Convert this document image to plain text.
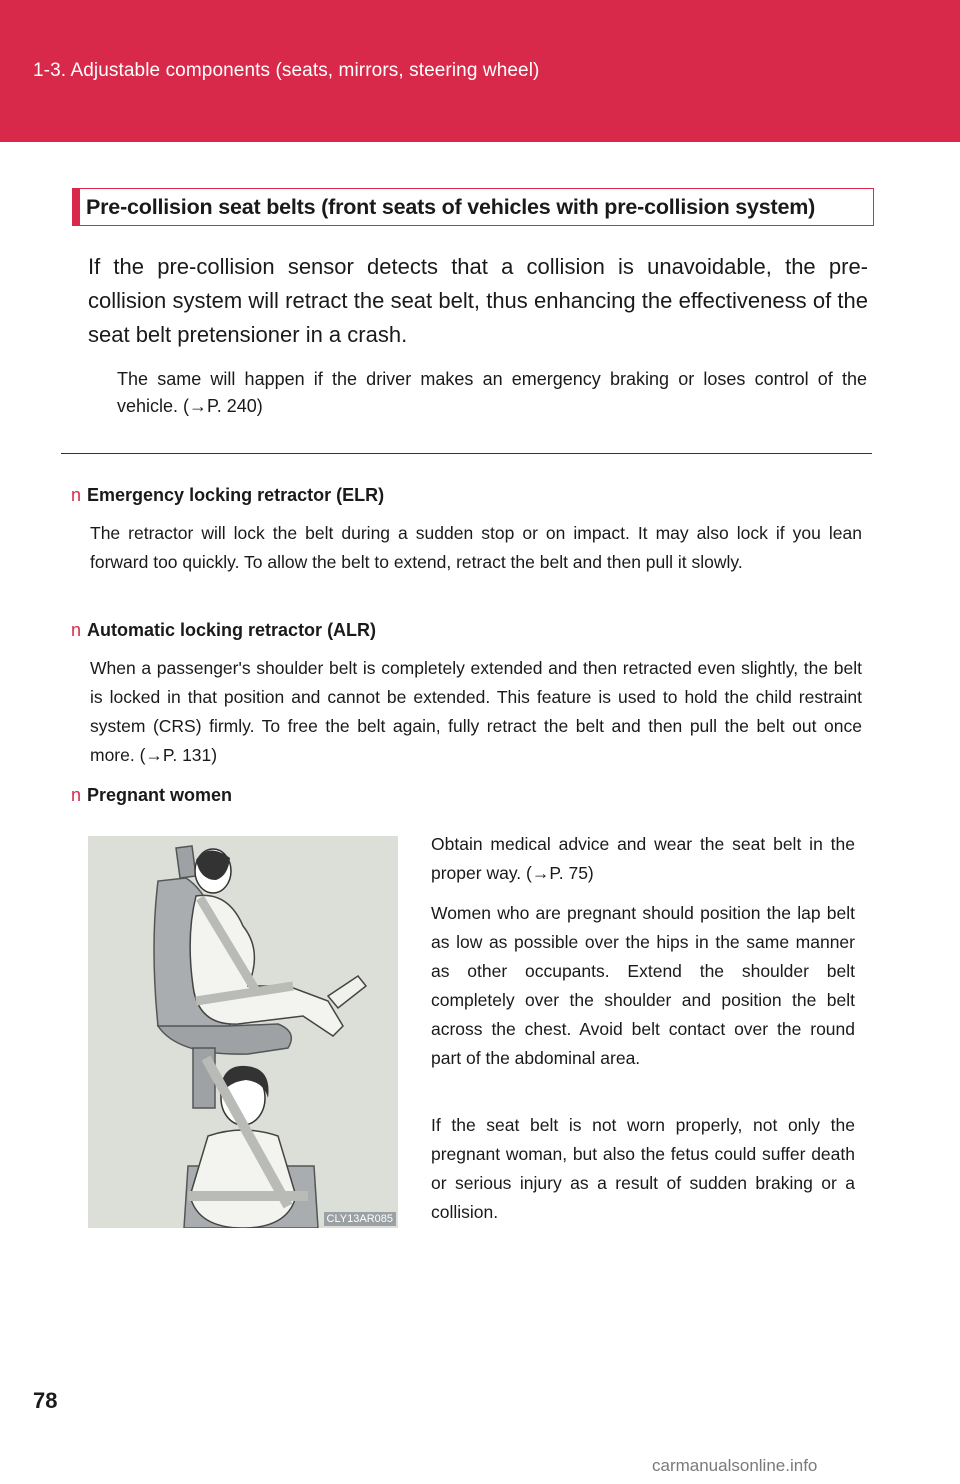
1-3. Adjustable components (seats, mirrors, steering wheel)
Pre-collision seat belts (front seats of vehicles with pre-collision system)
If the pre-collision sensor detects that a collision is unavoidable, the pre-collision system will retract the seat belt, thus enhancing the effectiveness of the seat belt pretensioner in a crash.
The same will happen if the driver makes an emergency braking or loses control of the vehicle. (→P. 240)
n Emergency locking retractor (ELR)
The retractor will lock the belt during a sudden stop or on impact. It may also lock if you lean forward too quickly. To allow the belt to extend, retract the belt and then pull it slowly.
n Automatic locking retractor (ALR)
When a passenger's shoulder belt is completely extended and then retracted even slightly, the belt is locked in that position and cannot be extended. This feature is used to hold the child restraint system (CRS) firmly. To free the belt again, fully retract the belt and then pull the belt out once more. (→P. 131)
n Pregnant women
CLY13AR085
Obtain medical advice and wear the seat belt in the proper way. (→P. 75)
Women who are pregnant should position the lap belt as low as possible over the hips in the same manner as other occupants. Extend the shoulder belt completely over the shoulder and position the belt across the chest. Avoid belt contact over the round part of the abdominal area.
If the seat belt is not worn properly, not only the pregnant woman, but also the fetus could suffer death or serious injury as a result of sudden braking or a collision.
78
carmanualsonline.info
